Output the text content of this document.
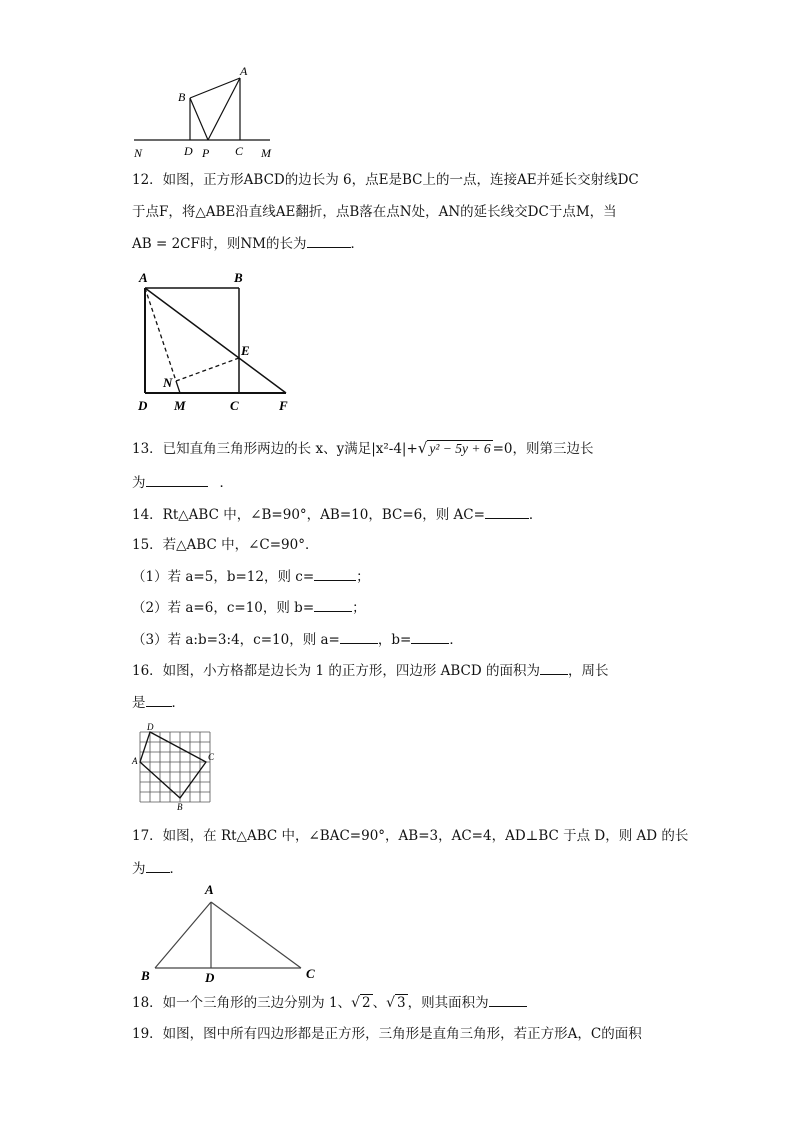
A
B
N	D P C M
12．如图，正方形ABCD的边长为 6，点E是BC上的一点，连接AE并延长交射线DC
于点F，将△ABE沿直线AE翻折，点B落在点N处，AN的延长线交DC于点M，当
AB = 2CF时，则NM的长为	．
A	B
E
N
D M	C	F
13．已知直角三角形两边的长 x、y满足|x²-4|+√ y² − 5y + 6 =0，则第三边长
为	．
14．Rt△ABC 中，∠B=90°，AB=10，BC=6，则 AC=	．
15．若△ABC 中，∠C=90°．
（1）若 a=5，b=12，则 c=	；
（2）若 a=6，c=10，则 b=	；
（3）若 a:b=3:4，c=10，则 a=	，b=	．
16．如图，小方格都是边长为 1 的正方形，四边形 ABCD 的面积为 ，周长
是 ．
D
A	C
B
17．如图，在 Rt△ABC 中，∠BAC=90°，AB=3，AC=4，AD⊥BC 于点 D，则 AD 的长
为 ．
A
B	D	C
18．如一个三角形的三边分别为 1、√ 2 、√ 3 ，则其面积为
19．如图，图中所有四边形都是正方形，三角形是直角三角形，若正方形A，C的面积
